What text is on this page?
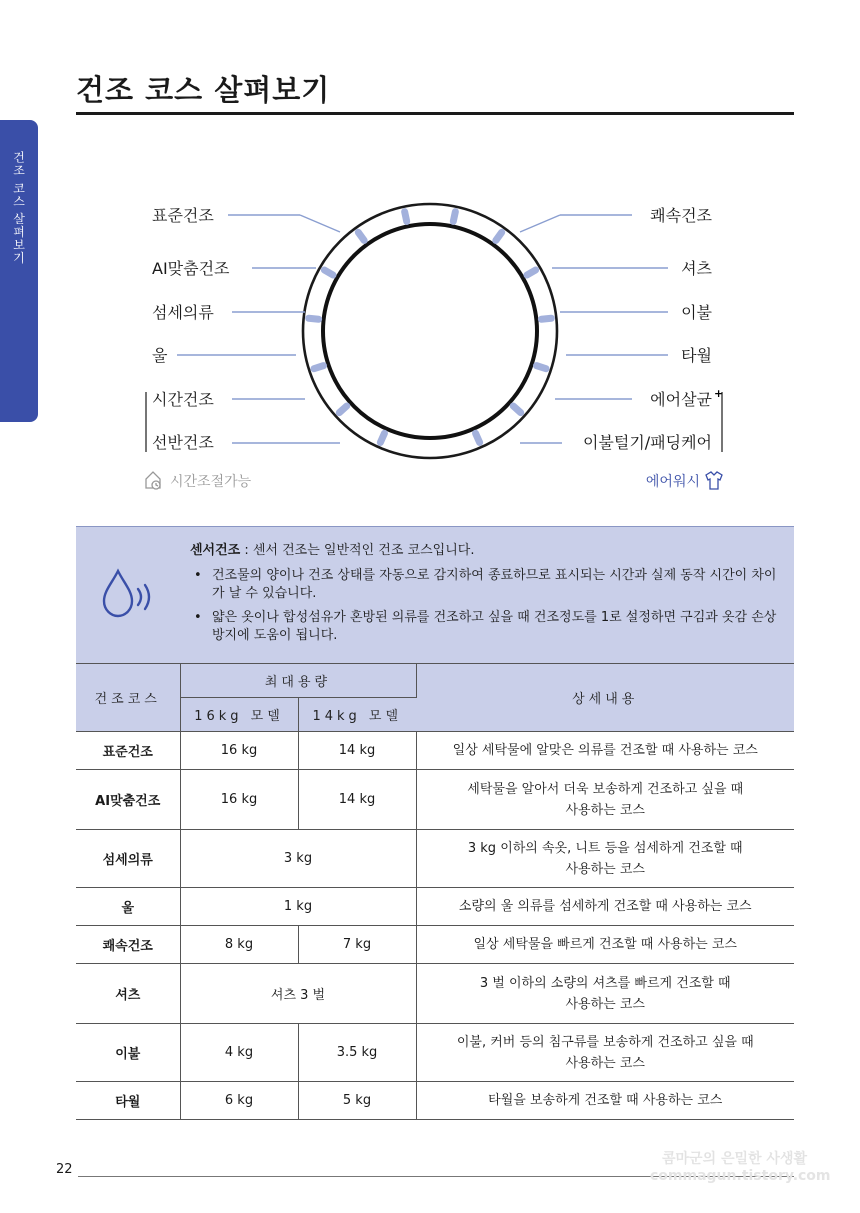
건조 코스 살펴보기
건조 코스 살펴보기	표준건조
AI맞춤건조
섬세의류
울
시간건조
선반건조
쾌속건조
셔츠
이불
타월
에어살균 +
이불털기/패딩케어
시간조절가능	에어워시
센서건조 : 센서 건조는 일반적인 건조 코스입니다.
• 건조물의 양이나 건조 상태를 자동으로 감지하여 종료하므로 표시되는 시간과 실제 동작 시간이 차이가 날 수 있습니다.
• 얇은 옷이나 합성섬유가 혼방된 의류를 건조하고 싶을 때 건조정도를 1로 설정하면 구김과 옷감 손상 방지에 도움이 됩니다.
건조코스	최대용량		상세내용
	16kg 모델	14kg 모델	
표준건조	16 kg	14 kg	일상 세탁물에 알맞은 의류를 건조할 때 사용하는 코스
AI맞춤건조	16 kg	14 kg	세탁물을 알아서 더욱 보송하게 건조하고 싶을 때
사용하는 코스
섬세의류	3 kg		3 kg 이하의 속옷, 니트 등을 섬세하게 건조할 때
사용하는 코스
울	1 kg		소량의 울 의류를 섬세하게 건조할 때 사용하는 코스
쾌속건조	8 kg	7 kg	일상 세탁물을 빠르게 건조할 때 사용하는 코스
셔츠	셔츠 3 벌		3 벌 이하의 소량의 셔츠를 빠르게 건조할 때
사용하는 코스
이불	4 kg	3.5 kg	이불, 커버 등의 침구류를 보송하게 건조하고 싶을 때
사용하는 코스
타월	6 kg	5 kg	타월을 보송하게 건조할 때 사용하는 코스
22
콤마군의 은밀한 사생활
commagun.tistory.com
